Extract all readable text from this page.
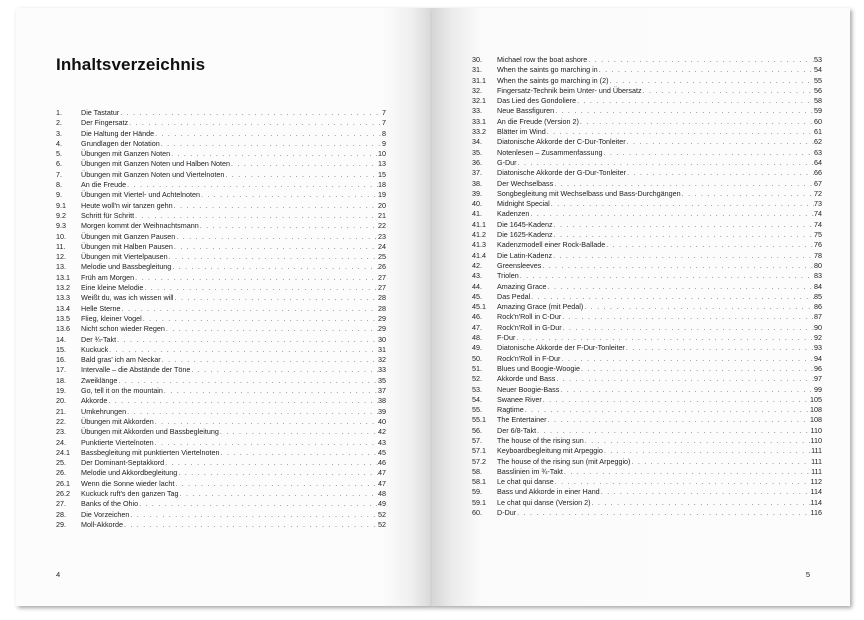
Inhaltsverzeichnis
1.	Die Tastatur . . .	7
2.	Der Fingersatz . . .	7
3.	Die Haltung der Hände . . .	8
4.	Grundlagen der Notation . . .	9
5.	Übungen mit Ganzen Noten . . .	10
6.	Übungen mit Ganzen Noten und Halben Noten . . .	13
7.	Übungen mit Ganzen Noten und Viertelnoten . . .	15
8.	An die Freude . . .	18
9.	Übungen mit Viertel- und Achtelnoten . . .	19
9.1	Heute woll'n wir tanzen gehn . . .	20
9.2	Schritt für Schritt . . .	21
9.3	Morgen kommt der Weihnachtsmann . . .	22
10.	Übungen mit Ganzen Pausen . . .	23
11.	Übungen mit Halben Pausen . . .	24
12.	Übungen mit Viertelpausen . . .	25
13.	Melodie und Bassbegleitung . . .	26
13.1	Früh am Morgen . . .	27
13.2	Eine kleine Melodie . . .	27
13.3	Weißt du, was ich wissen will . . .	28
13.4	Helle Sterne . . .	28
13.5	Flieg, kleiner Vogel . . .	29
13.6	Nicht schon wieder Regen . . .	29
14.	Der ¾-Takt . . .	30
15.	Kuckuck . . .	31
16.	Bald gras' ich am Neckar . . .	32
17.	Intervalle – die Abstände der Töne . . .	33
18.	Zweiklänge . . .	35
19.	Go, tell it on the mountain . . .	37
20.	Akkorde . . .	38
21.	Umkehrungen . . .	39
22.	Übungen mit Akkorden . . .	40
23.	Übungen mit Akkorden und Bassbegleitung . . .	42
24.	Punktierte Viertelnoten . . .	43
24.1	Bassbegleitung mit punktierten Viertelnoten . . .	45
25.	Der Dominant-Septakkord . . .	46
26.	Melodie und Akkordbegleitung . . .	47
26.1	Wenn die Sonne wieder lacht . . .	47
26.2	Kuckuck ruft's den ganzen Tag . . .	48
27.	Banks of the Ohio . . .	49
28.	Die Vorzeichen . . .	52
29.	Moll-Akkorde . . .	52
4
30.	Michael row the boat ashore . . .	53
31.	When the saints go marching in . . .	54
31.1	When the saints go marching in (2) . . .	55
32.	Fingersatz-Technik beim Unter- und Übersatz . . .	56
32.1	Das Lied des Gondoliere . . .	58
33.	Neue Bassfiguren . . .	59
33.1	An die Freude (Version 2) . . .	60
33.2	Blätter im Wind . . .	61
34.	Diatonische Akkorde der C-Dur-Tonleiter . . .	62
35.	Notenlesen – Zusammenfassung . . .	63
36.	G-Dur . . .	64
37.	Diatonische Akkorde der G-Dur-Tonleiter . . .	66
38.	Der Wechselbass . . .	67
39.	Songbegleitung mit Wechselbass und Bass-Durchgängen . . .	72
40.	Midnight Special . . .	73
41.	Kadenzen . . .	74
41.1	Die 1645-Kadenz . . .	74
41.2	Die 1625-Kadenz . . .	75
41.3	Kadenzmodell einer Rock-Ballade . . .	76
41.4	Die Latin-Kadenz . . .	78
42.	Greensleeves . . .	80
43.	Triolen . . .	83
44.	Amazing Grace . . .	84
45.	Das Pedal . . .	85
45.1	Amazing Grace (mit Pedal) . . .	86
46.	Rock'n'Roll in C-Dur . . .	87
47.	Rock'n'Roll in G-Dur . . .	90
48.	F-Dur . . .	92
49.	Diatonische Akkorde der F-Dur-Tonleiter . . .	93
50.	Rock'n'Roll in F-Dur . . .	94
51.	Blues und Boogie-Woogie . . .	96
52.	Akkorde und Bass . . .	97
53.	Neuer Boogie-Bass . . .	99
54.	Swanee River . . .	105
55.	Ragtime . . .	108
55.1	The Entertainer . . .	108
56.	Der 6/8-Takt . . .	110
57.	The house of the rising sun . . .	110
57.1	Keyboardbegleitung mit Arpeggio . . .	111
57.2	The house of the rising sun (mit Arpeggio) . . .	111
58.	Basslinien im ¾-Takt . . .	111
58.1	Le chat qui danse . . .	112
59.	Bass und Akkorde in einer Hand . . .	114
59.1	Le chat qui danse (Version 2) . . .	114
60.	D-Dur . . .	116
5
